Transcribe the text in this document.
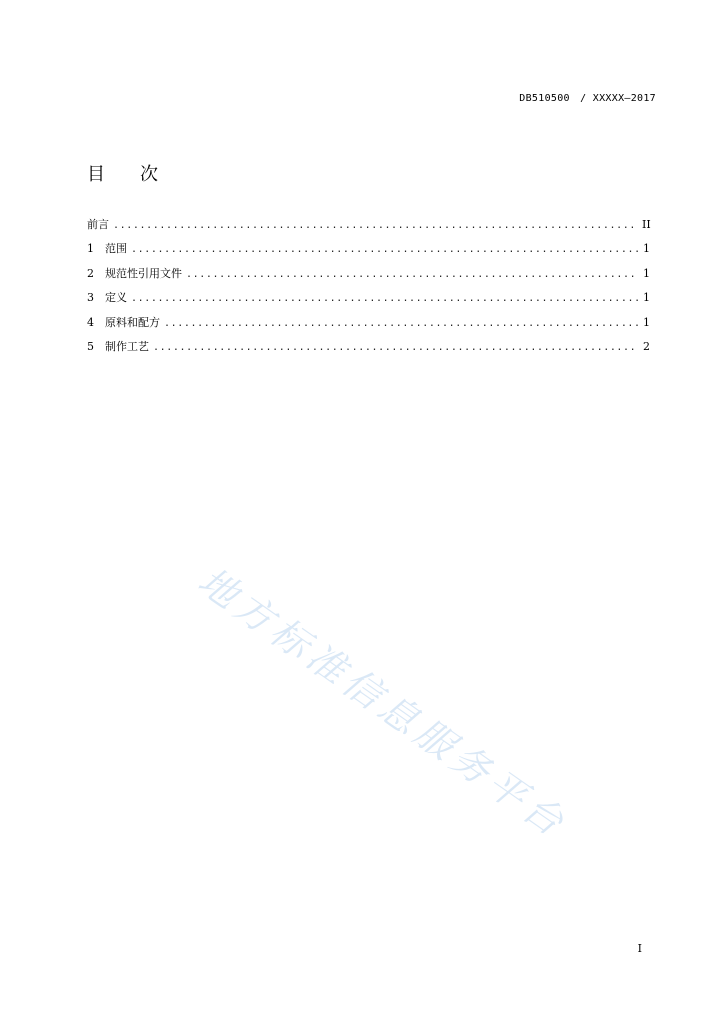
DB510500　/ XXXXX—2017
目 次
前言 .....	II
1	范围 .....	1
2	规范性引用文件 .....	1
3	定义 .....	1
4	原料和配方 .....	1
5	制作工艺 .....	2
地方标准信息服务平台
I
